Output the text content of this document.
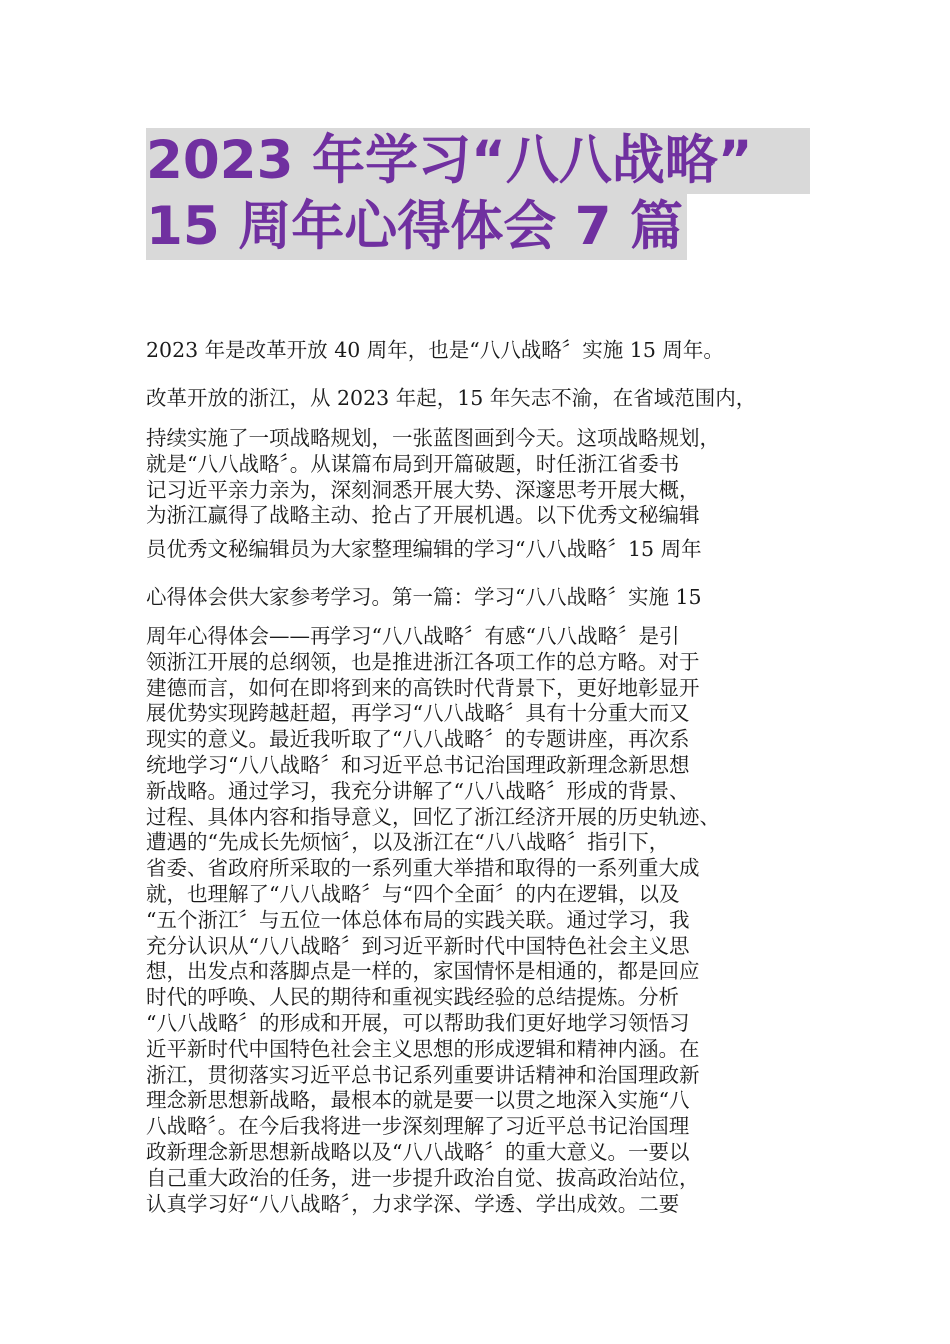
2023 年学习“八八战略”
15 周年心得体会 7 篇

2023 年是改革开放 40 周年，也是“八八战略〞实施 15 周年。

改革开放的浙江，从 2023 年起，15 年矢志不渝，在省域范围内，

持续实施了一项战略规划，一张蓝图画到今天。这项战略规划，
就是“八八战略〞。从谋篇布局到开篇破题，时任浙江省委书
记习近平亲力亲为，深刻洞悉开展大势、深邃思考开展大概，
为浙江赢得了战略主动、抢占了开展机遇。以下优秀文秘编辑

员优秀文秘编辑员为大家整理编辑的学习“八八战略〞15 周年

心得体会供大家参考学习。第一篇：学习“八八战略〞实施 15

周年心得体会——再学习“八八战略〞有感“八八战略〞是引
领浙江开展的总纲领，也是推进浙江各项工作的总方略。对于
建德而言，如何在即将到来的高铁时代背景下，更好地彰显开
展优势实现跨越赶超，再学习“八八战略〞具有十分重大而又
现实的意义。最近我听取了“八八战略〞的专题讲座，再次系
统地学习“八八战略〞和习近平总书记治国理政新理念新思想
新战略。通过学习，我充分讲解了“八八战略〞形成的背景、
过程、具体内容和指导意义，回忆了浙江经济开展的历史轨迹、
遭遇的“先成长先烦恼〞，以及浙江在“八八战略〞指引下，
省委、省政府所采取的一系列重大举措和取得的一系列重大成
就，也理解了“八八战略〞与“四个全面〞的内在逻辑，以及
“五个浙江〞与五位一体总体布局的实践关联。通过学习，我
充分认识从“八八战略〞到习近平新时代中国特色社会主义思
想，出发点和落脚点是一样的，家国情怀是相通的，都是回应
时代的呼唤、人民的期待和重视实践经验的总结提炼。分析
“八八战略〞的形成和开展，可以帮助我们更好地学习领悟习
近平新时代中国特色社会主义思想的形成逻辑和精神内涵。在
浙江，贯彻落实习近平总书记系列重要讲话精神和治国理政新
理念新思想新战略，最根本的就是要一以贯之地深入实施“八
八战略〞。在今后我将进一步深刻理解了习近平总书记治国理
政新理念新思想新战略以及“八八战略〞的重大意义。一要以
自己重大政治的任务，进一步提升政治自觉、拔高政治站位，
认真学习好“八八战略〞，力求学深、学透、学出成效。二要
